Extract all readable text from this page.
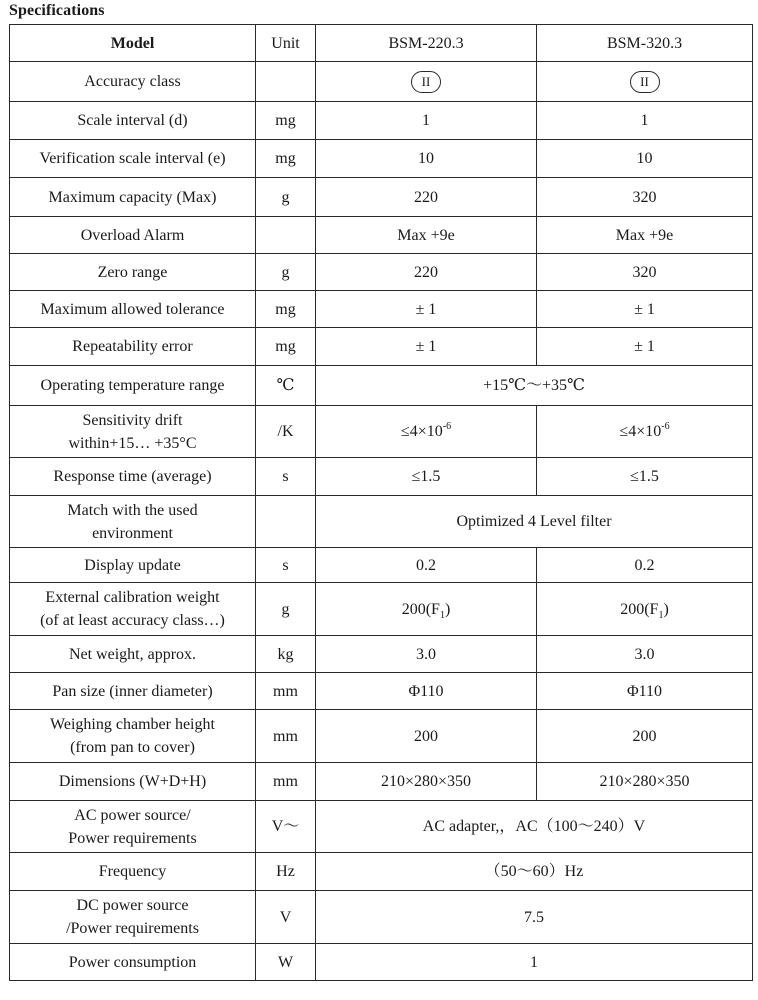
Specifications
Model	Unit	BSM-220.3	BSM-320.3
Accuracy class		II	II
Scale interval (d)	mg	1	1
Verification scale interval (e)	mg	10	10
Maximum capacity (Max)	g	220	320
Overload Alarm		Max +9e	Max +9e
Zero range	g	220	320
Maximum allowed tolerance	mg	± 1	± 1
Repeatability error	mg	± 1	± 1
Operating temperature range	℃	+15℃～+35℃	

Sensitivity drift
within+15… +35°C	/K	$\le 4\times 10^{-6}$	$\le 4\times 10^{-6}$
Response time (average)	s	≤1.5	≤1.5

Match with the used
environment		Optimized 4 Level filter	
Display update	s	0.2	0.2

External calibration weight
(of at least accuracy class…)	g	$200(F_1)$	$200(F_1)$
Net weight, approx.	kg	3.0	3.0
Pan size (inner diameter)	mm	Φ110	Φ110

Weighing chamber height
(from pan to cover)	mm	200	200
Dimensions (W+D+H)	mm	210×280×350	210×280×350

AC power source/
Power requirements	V～	AC adapter,，AC（100～240）V	
Frequency	Hz	（50～60）Hz	

DC power source
/Power requirements	V	7.5	
Power consumption	W	1	
